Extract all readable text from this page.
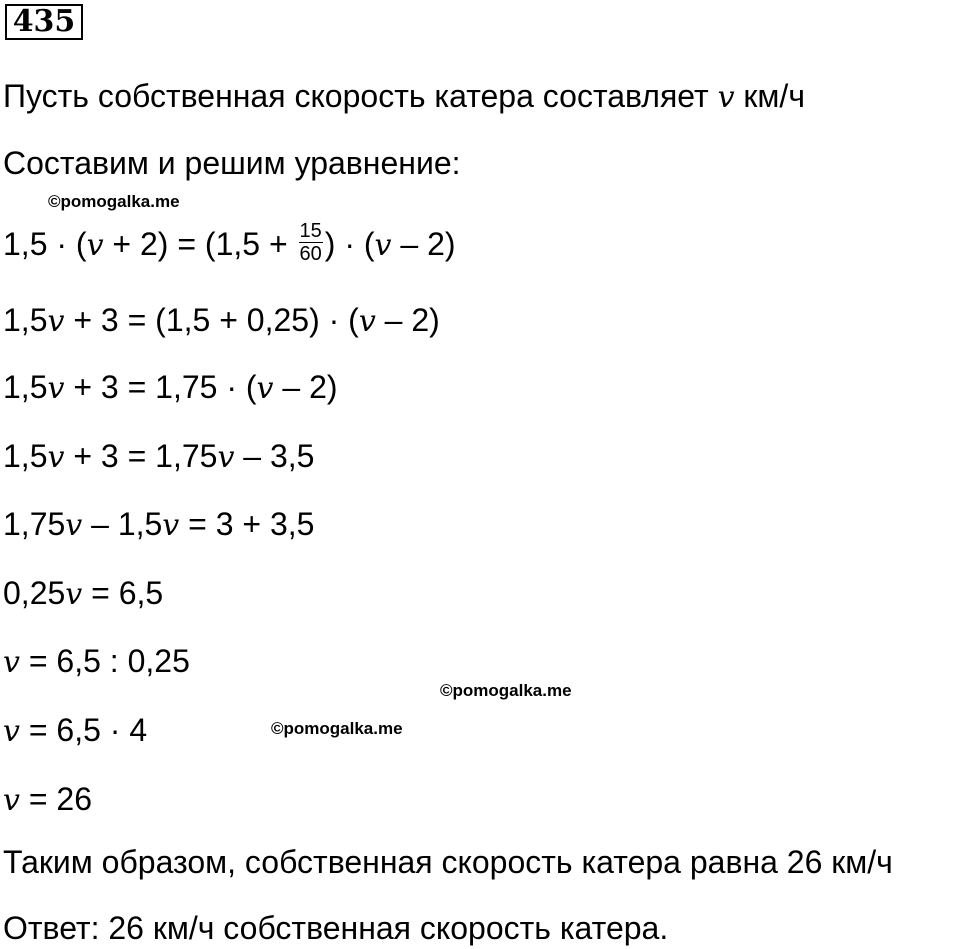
435
Пусть собственная скорость катера составляет v км/ч
Составим и решим уравнение:
©pomogalka.me
$1,5 \cdot (v + 2) = (1,5 + \frac{15}{60}$ ) · (v – 2)
1,5v + 3 = (1,5 + 0,25) · (v – 2)
1,5v + 3 = 1,75 · (v – 2)
1,5v + 3 = 1,75v – 3,5
1,75v – 1,5v = 3 + 3,5
0,25v = 6,5
v = 6,5 : 0,25
©pomogalka.me
©pomogalka.me
v = 6,5 · 4
v = 26
Таким образом, собственная скорость катера равна 26 км/ч
Ответ: 26 км/ч собственная скорость катера.
